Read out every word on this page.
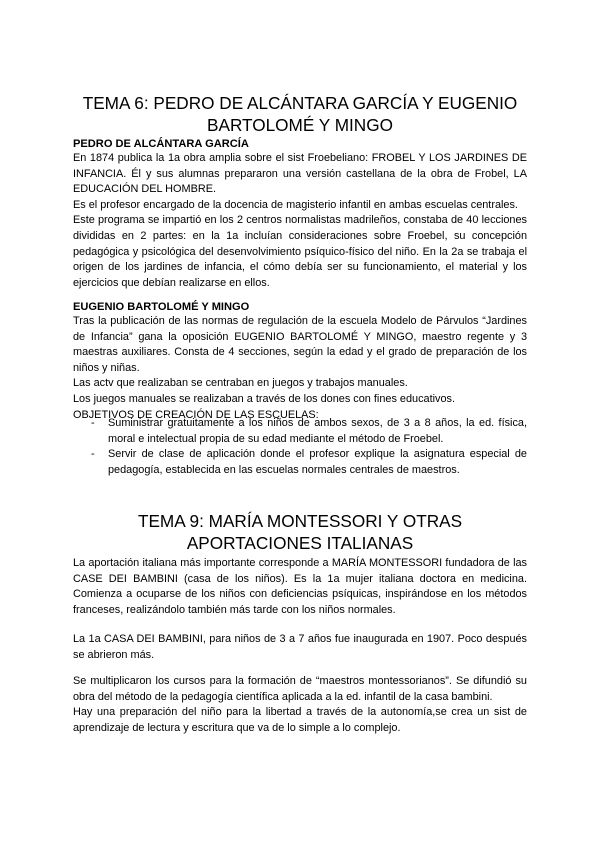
TEMA 6: PEDRO DE ALCÁNTARA GARCÍA Y EUGENIO BARTOLOMÉ Y MINGO
PEDRO DE ALCÁNTARA GARCÍA

En 1874 publica la 1a obra amplia sobre el sist Froebeliano: FROBEL Y LOS JARDINES DE INFANCIA. Él y sus alumnas prepararon una versión castellana de la obra de Frobel, LA EDUCACIÓN DEL HOMBRE.

Es el profesor encargado de la docencia de magisterio infantil en ambas escuelas centrales.

Este programa se impartió en los 2 centros normalistas madrileños, constaba de 40 lecciones divididas en 2 partes: en la 1a incluían consideraciones sobre Froebel, su concepción pedagógica y psicológica del desenvolvimiento psíquico-físico del niño. En la 2a se trabaja el origen de los jardines de infancia, el cómo debía ser su funcionamiento, el material y los ejercicios que debían realizarse en ellos.

EUGENIO BARTOLOMÉ Y MINGO

Tras la publicación de las normas de regulación de la escuela Modelo de Párvulos “Jardines de Infancia” gana la oposición EUGENIO BARTOLOMÉ Y MINGO, maestro regente y 3 maestras auxiliares. Consta de 4 secciones, según la edad y el grado de preparación de los niños y niñas.

Las actv que realizaban se centraban en juegos y trabajos manuales.

Los juegos manuales se realizaban a través de los dones con fines educativos.

OBJETIVOS DE CREACIÓN DE LAS ESCUELAS:

- Suministrar gratuitamente a los niños de ambos sexos, de 3 a 8 años, la ed. física, moral e intelectual propia de su edad mediante el método de Froebel.
- Servir de clase de aplicación donde el profesor explique la asignatura especial de pedagogía, establecida en las escuelas normales centrales de maestros.
TEMA 9: MARÍA MONTESSORI Y OTRAS APORTACIONES ITALIANAS
La aportación italiana más importante corresponde a MARÍA MONTESSORI fundadora de las CASE DEI BAMBINI (casa de los niños). Es la 1a mujer italiana doctora en medicina. Comienza a ocuparse de los niños con deficiencias psíquicas, inspirándose en los métodos franceses, realizándolo también más tarde con los niños normales.
La 1a CASA DEI BAMBINI, para niños de 3 a 7 años fue inaugurada en 1907. Poco después se abrieron más.

Se multiplicaron los cursos para la formación de “maestros montessorianos”. Se difundió su obra del método de la pedagogía científica aplicada a la ed. infantil de la casa bambini.

Hay una preparación del niño para la libertad a través de la autonomía,se crea un sist de aprendizaje de lectura y escritura que va de lo simple a lo complejo.
